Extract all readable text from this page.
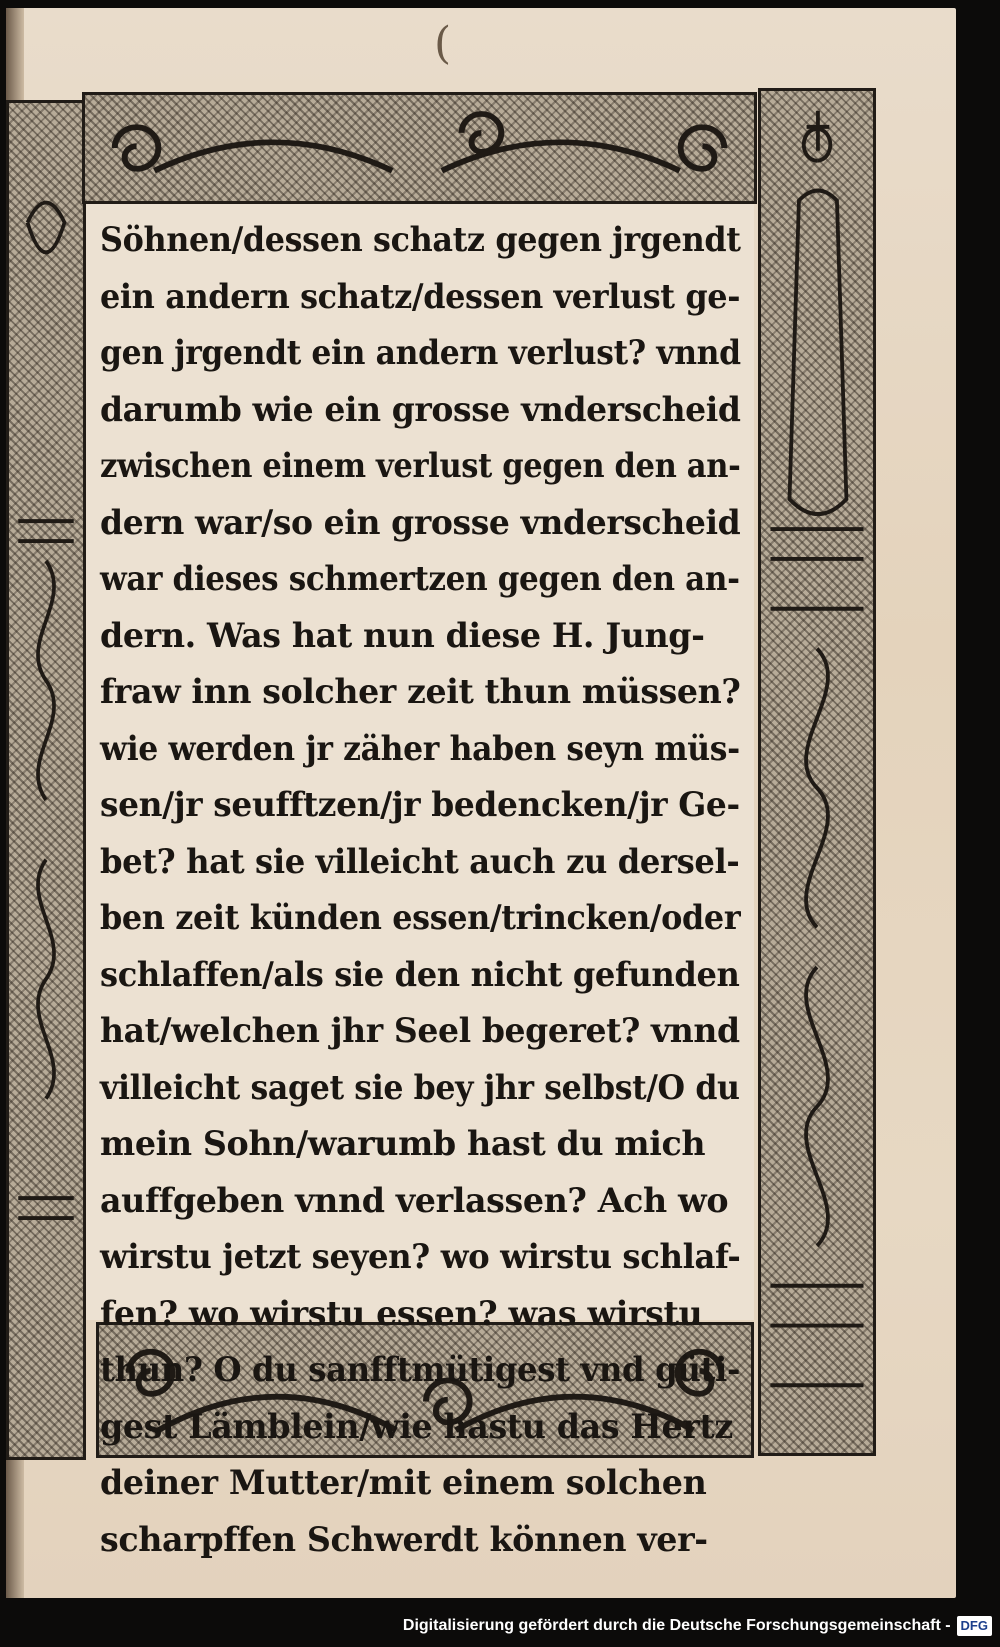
(
Söhnen/dessen schatz gegen jrgendt
ein andern schatz/dessen verlust ge-
gen jrgendt ein andern verlust? vnnd
darumb wie ein grosse vnderscheid
zwischen einem verlust gegen den an-
dern war/so ein grosse vnderscheid
war dieses schmertzen gegen den an-
dern. Was hat nun diese H. Jung-
fraw inn solcher zeit thun müssen?
wie werden jr zäher haben seyn müs-
sen/jr seufftzen/jr bedencken/jr Ge-
bet? hat sie villeicht auch zu dersel-
ben zeit künden essen/trincken/oder
schlaffen/als sie den nicht gefunden
hat/welchen jhr Seel begeret? vnnd
villeicht saget sie bey jhr selbst/O du
mein Sohn/warumb hast du mich
auffgeben vnnd verlassen? Ach wo
wirstu jetzt seyen? wo wirstu schlaf-
fen? wo wirstu essen? was wirstu
thun? O du sanfftmütigest vnd güti-
gest Lämblein/wie hastu das Hertz
deiner Mutter/mit einem solchen
scharpffen Schwerdt können ver-
Digitalisierung gefördert durch die Deutsche Forschungsgemeinschaft - DFG
